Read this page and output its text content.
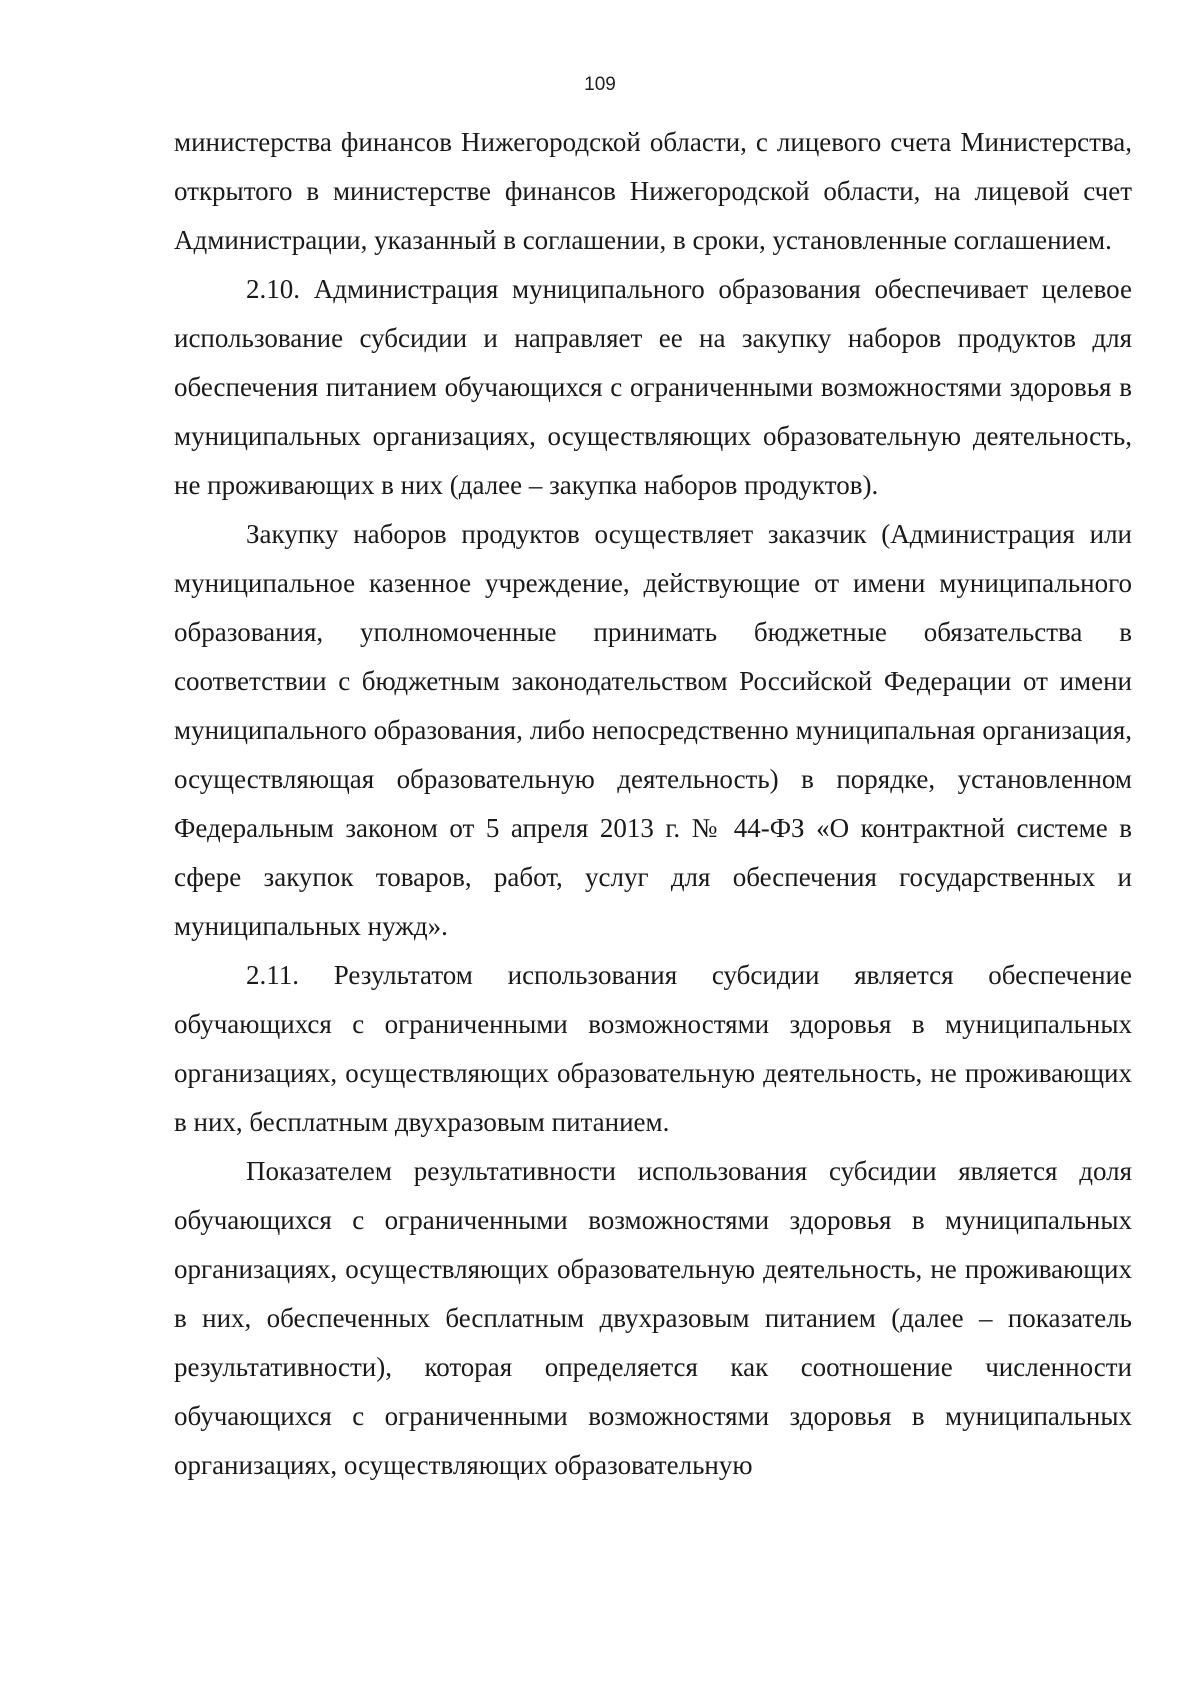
109

министерства финансов Нижегородской области, с лицевого счета Министерства, открытого в министерстве финансов Нижегородской области, на лицевой счет Администрации, указанный в соглашении, в сроки, установленные соглашением.

2.10. Администрация муниципального образования обеспечивает целевое использование субсидии и направляет ее на закупку наборов продуктов для обеспечения питанием обучающихся с ограниченными возможностями здоровья в муниципальных организациях, осуществляющих образовательную деятельность, не проживающих в них (далее – закупка наборов продуктов).

Закупку наборов продуктов осуществляет заказчик (Администрация или муниципальное казенное учреждение, действующие от имени муниципального образования, уполномоченные принимать бюджетные обязательства в соответствии с бюджетным законодательством Российской Федерации от имени муниципального образования, либо непосредственно муниципальная организация, осуществляющая образовательную деятельность) в порядке, установленном Федеральным законом от 5 апреля 2013 г. № 44-ФЗ «О контрактной системе в сфере закупок товаров, работ, услуг для обеспечения государственных и муниципальных нужд».

2.11. Результатом использования субсидии является обеспечение обучающихся с ограниченными возможностями здоровья в муниципальных организациях, осуществляющих образовательную деятельность, не проживающих в них, бесплатным двухразовым питанием.

Показателем результативности использования субсидии является доля обучающихся с ограниченными возможностями здоровья в муниципальных организациях, осуществляющих образовательную деятельность, не проживающих в них, обеспеченных бесплатным двухразовым питанием (далее – показатель результативности), которая определяется как соотношение численности обучающихся с ограниченными возможностями здоровья в муниципальных организациях, осуществляющих образовательную
